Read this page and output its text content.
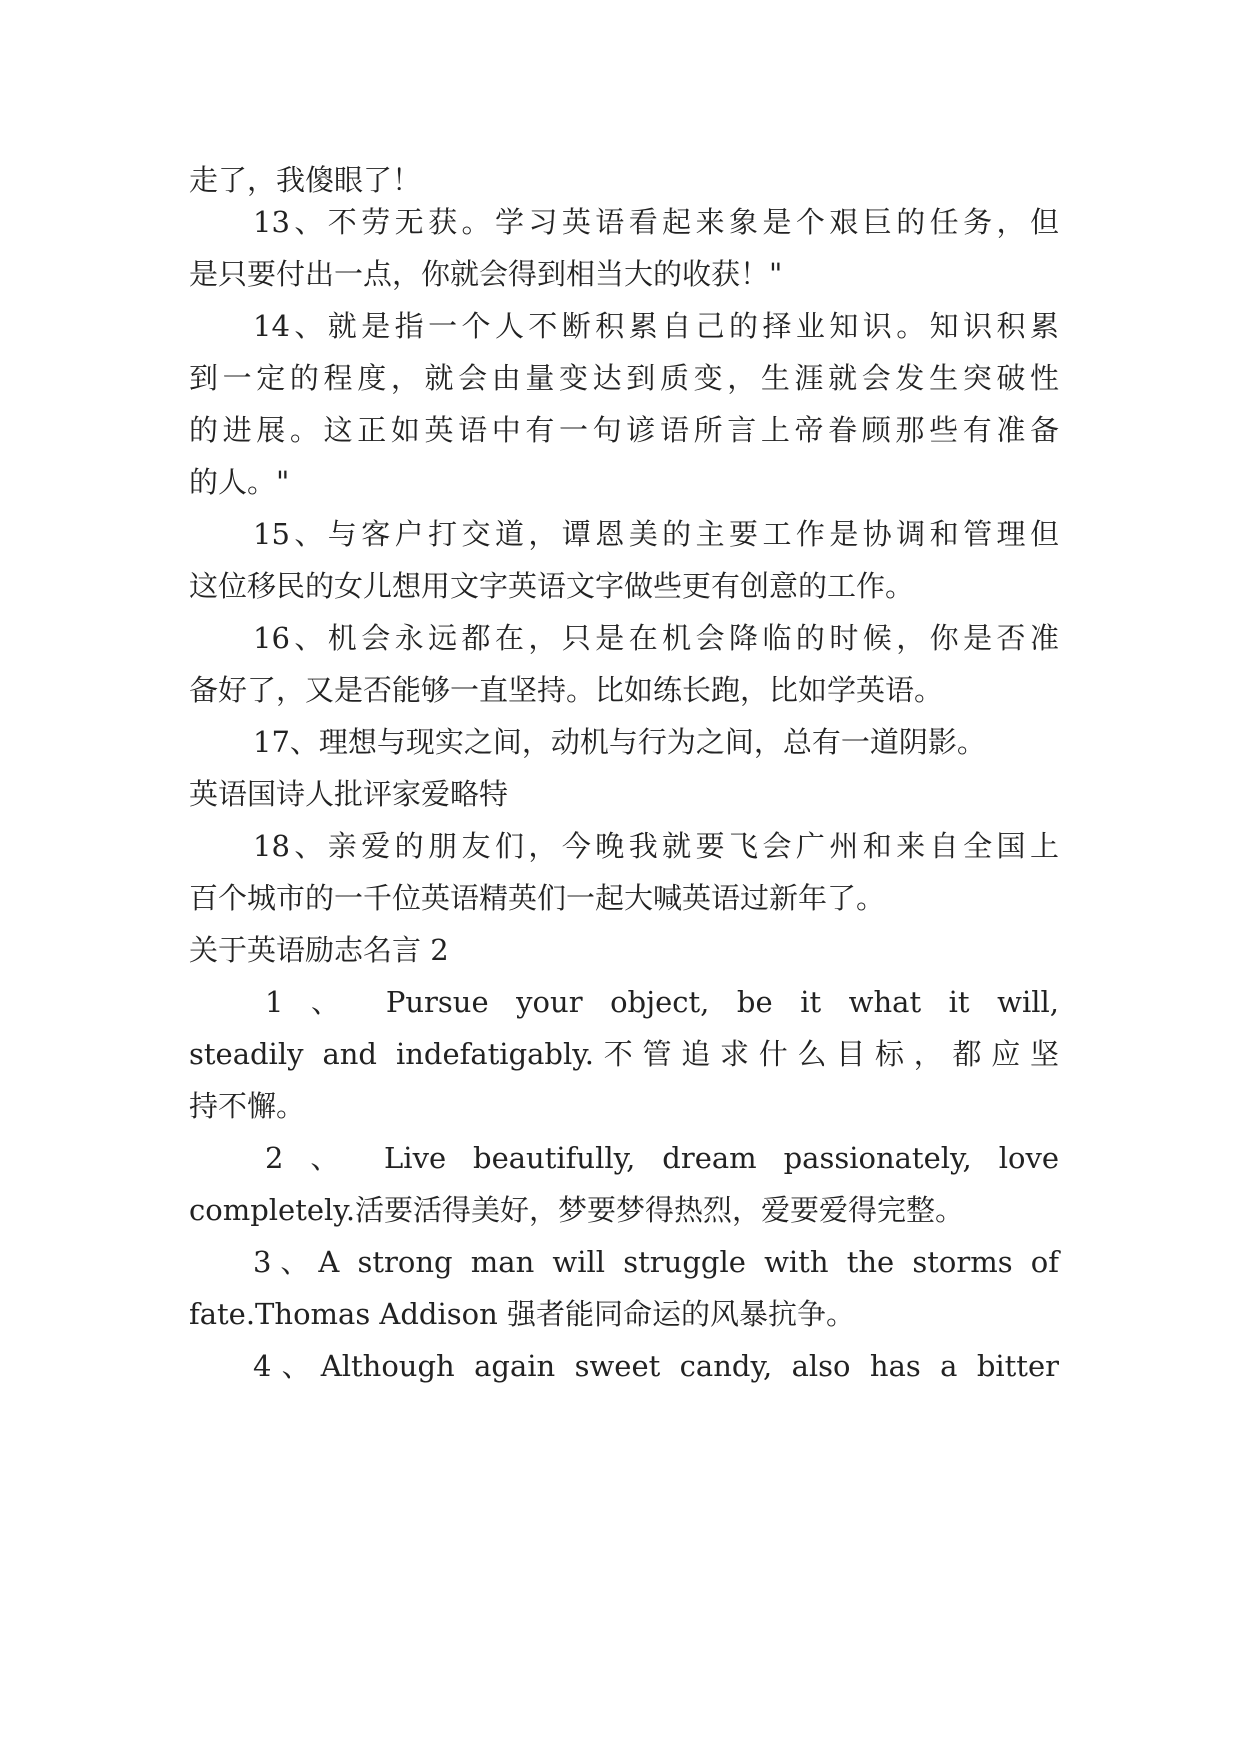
走了，我傻眼了！
13、不劳无获。学习英语看起来象是个艰巨的任务，但
是只要付出一点，你就会得到相当大的收获！"
14、就是指一个人不断积累自己的择业知识。知识积累
到一定的程度，就会由量变达到质变，生涯就会发生突破性
的进展。这正如英语中有一句谚语所言上帝眷顾那些有准备
的人。"
15、与客户打交道，谭恩美的主要工作是协调和管理但
这位移民的女儿想用文字英语文字做些更有创意的工作。
16、机会永远都在，只是在机会降临的时候，你是否准
备好了，又是否能够一直坚持。比如练长跑，比如学英语。
17、理想与现实之间，动机与行为之间，总有一道阴影。
英语国诗人批评家爱略特
18、亲爱的朋友们，今晚我就要飞会广州和来自全国上
百个城市的一千位英语精英们一起大喊英语过新年了。
关于英语励志名言 2
1 、 Pursue your object, be it what it will,
steadily and indefatigably.不管追求什么目标，都应坚
持不懈。
2 、 Live beautifully, dream passionately, love
completely.活要活得美好，梦要梦得热烈，爱要爱得完整。
3、A strong man will struggle with the storms of
fate.Thomas Addison 强者能同命运的风暴抗争。
4、Although again sweet candy, also has a bitter
